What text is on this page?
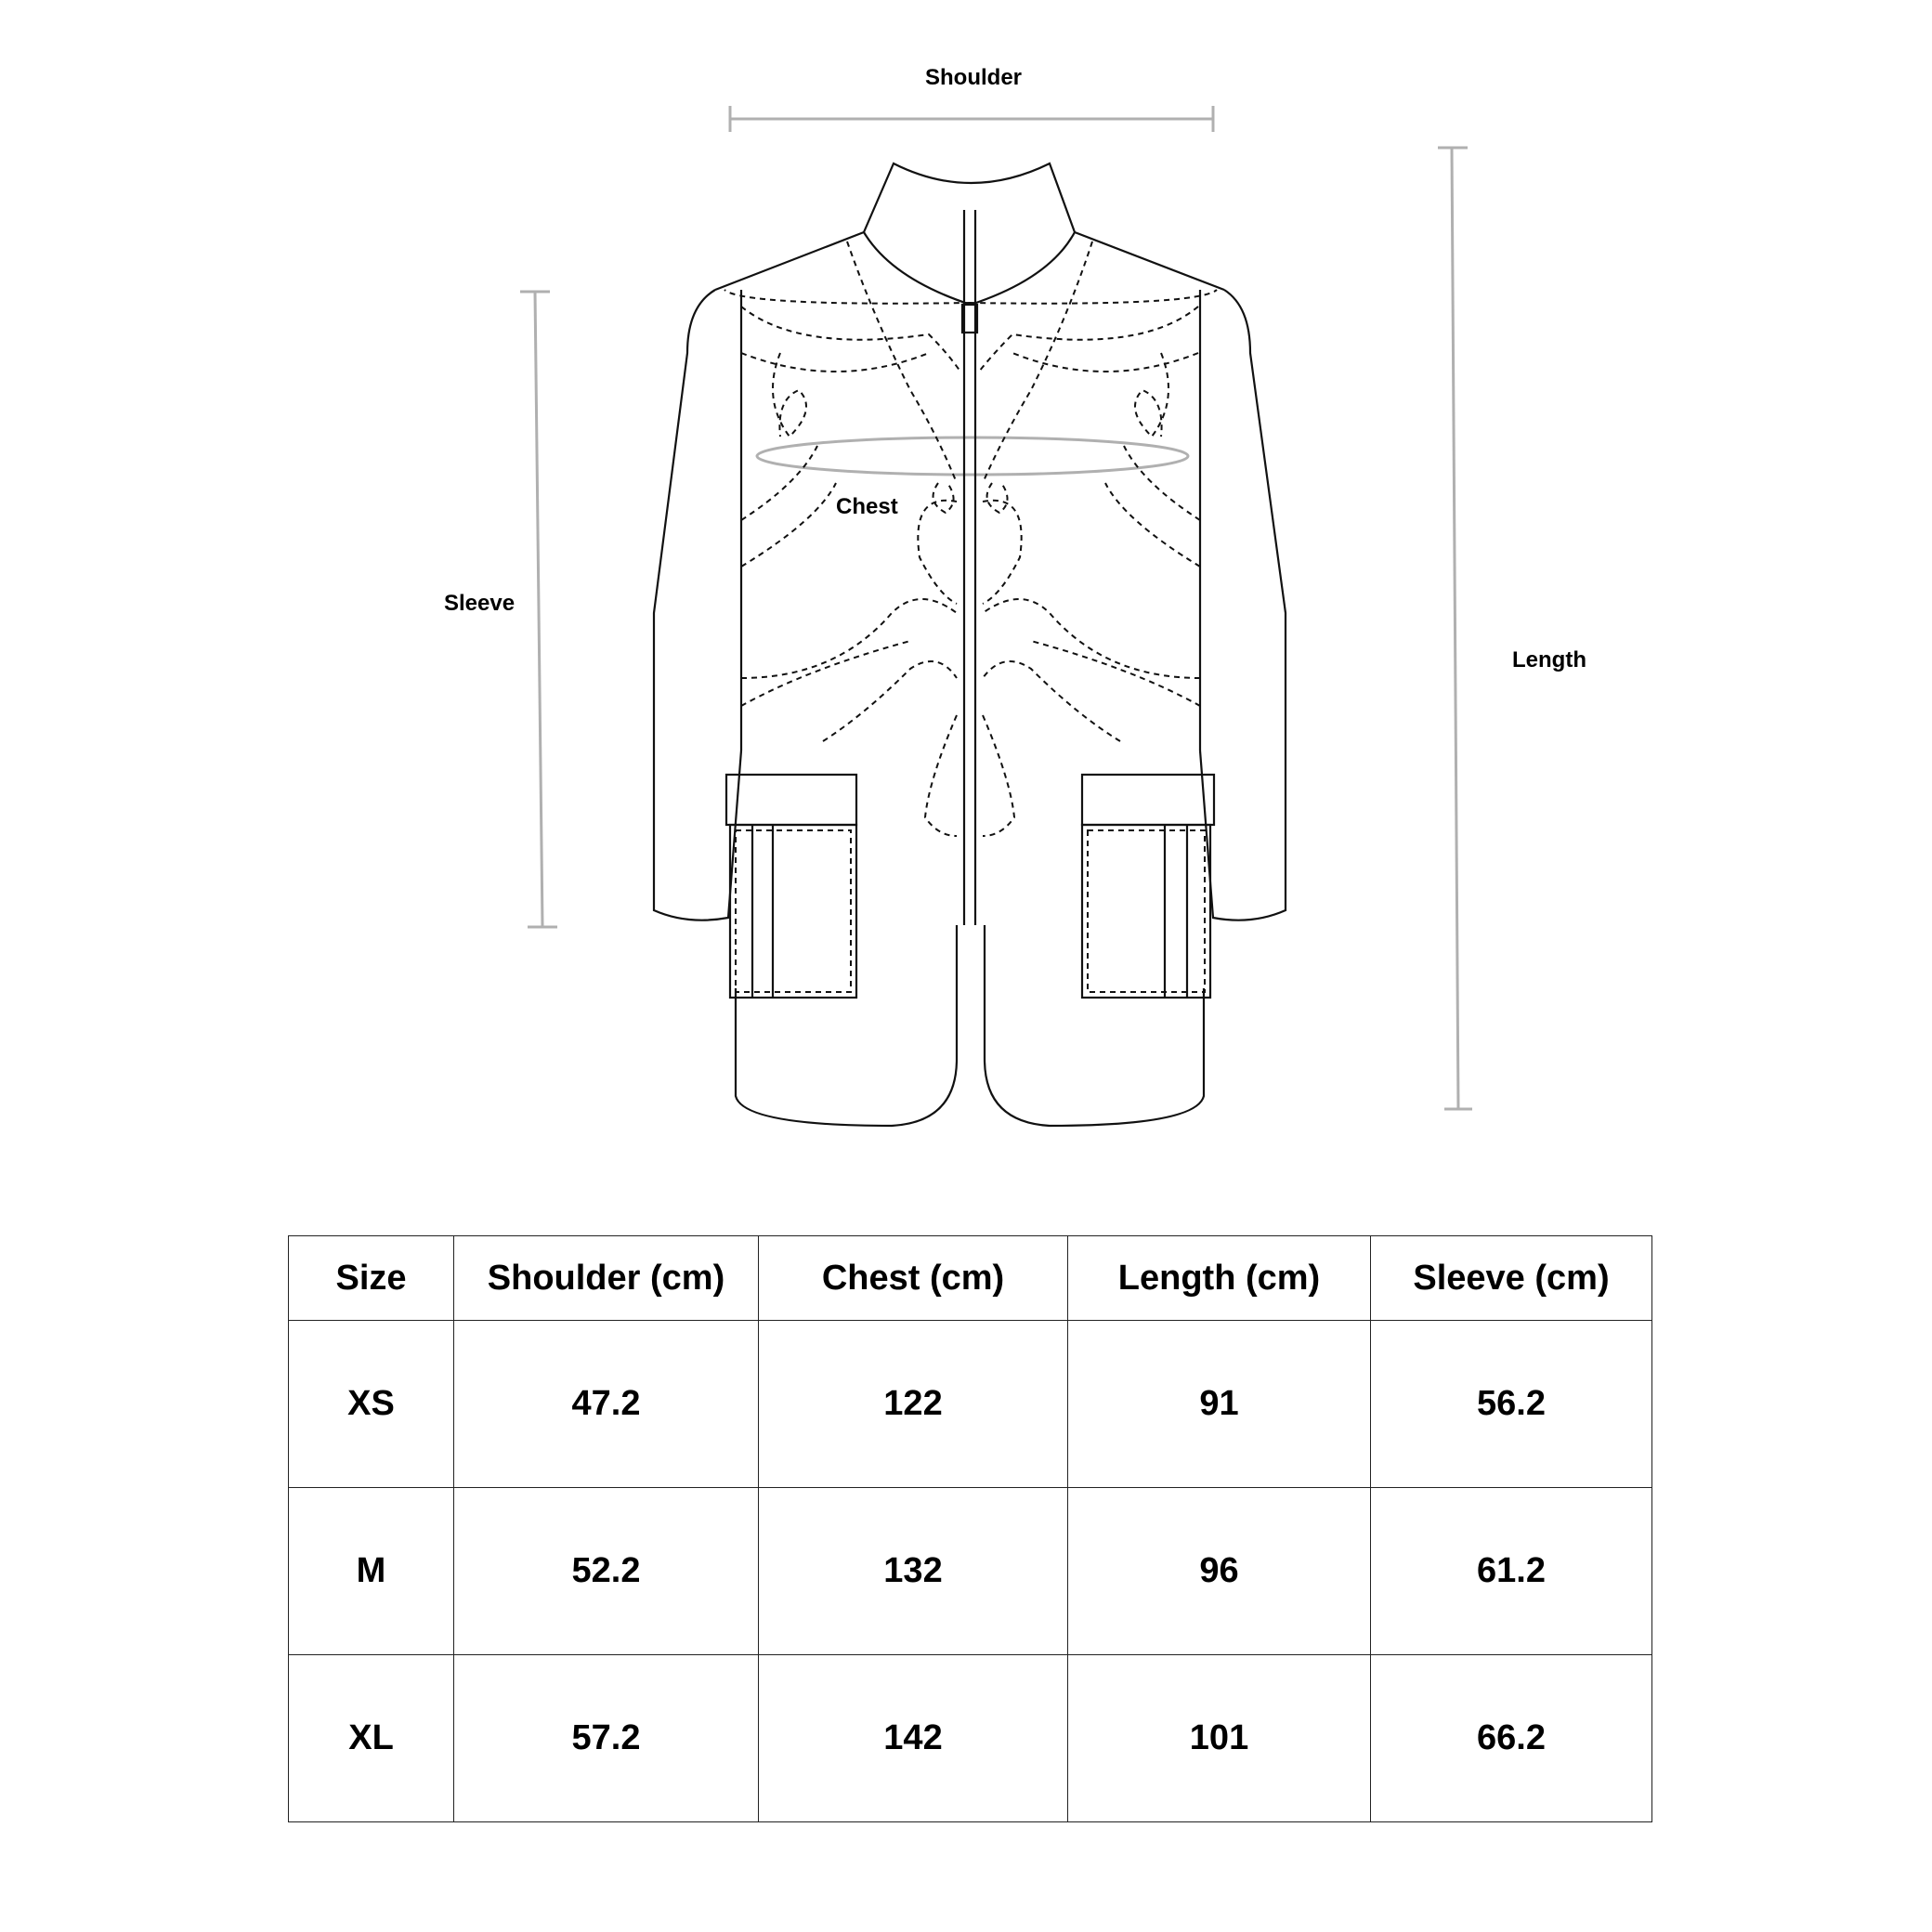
Shoulder
Chest
Sleeve
Length
Size	Shoulder (cm)	Chest (cm)	Length (cm)	Sleeve (cm)
XS	47.2	122	91	56.2
M	52.2	132	96	61.2
XL	57.2	142	101	66.2
